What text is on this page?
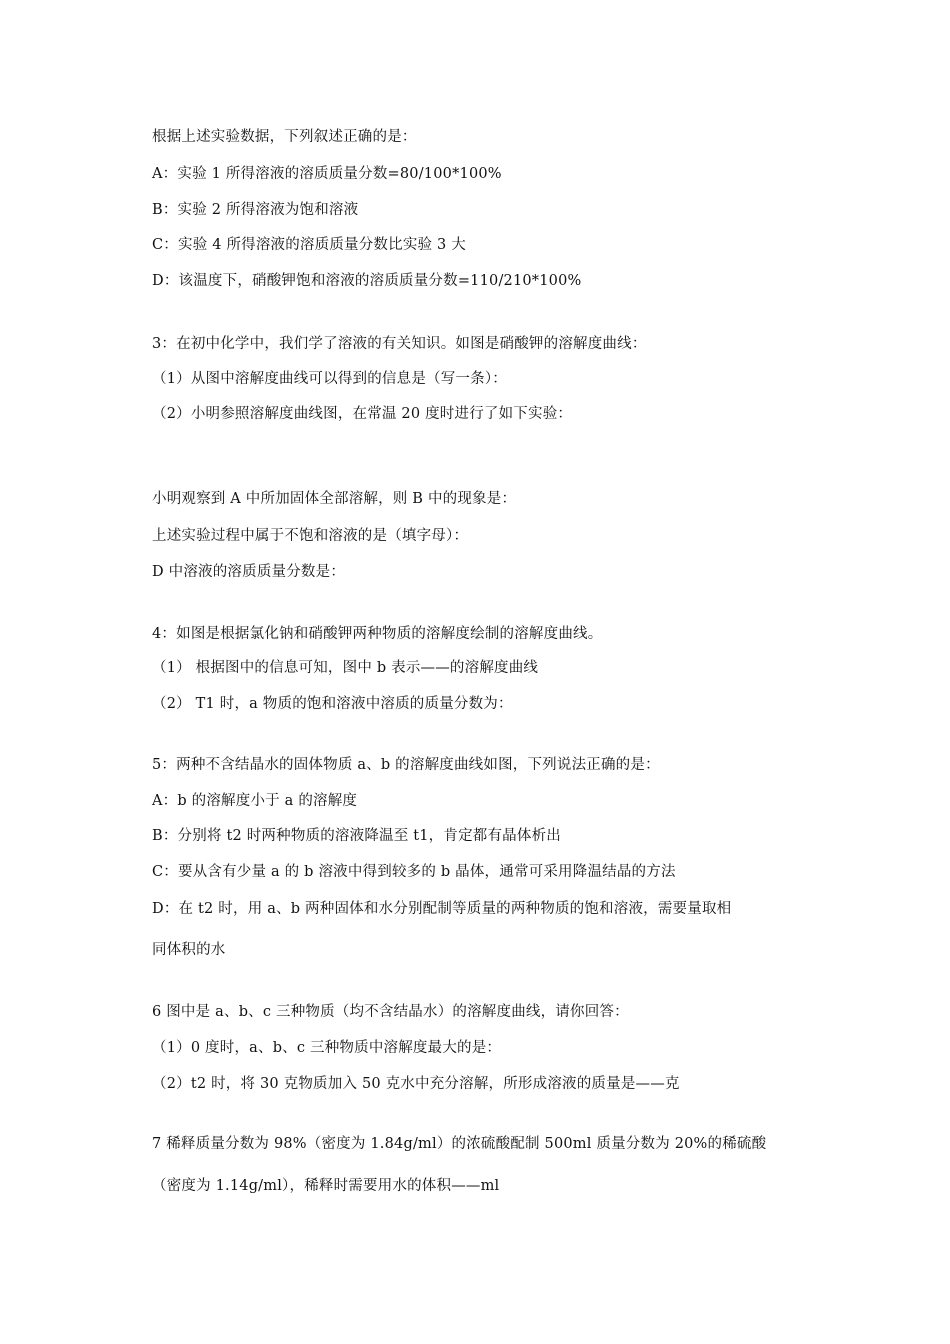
根据上述实验数据，下列叙述正确的是：
A：实验 1 所得溶液的溶质质量分数=80/100*100%
B：实验 2 所得溶液为饱和溶液
C：实验 4 所得溶液的溶质质量分数比实验 3 大
D：该温度下，硝酸钾饱和溶液的溶质质量分数=110/210*100%
3：在初中化学中，我们学了溶液的有关知识。如图是硝酸钾的溶解度曲线：
（1）从图中溶解度曲线可以得到的信息是（写一条）：
（2）小明参照溶解度曲线图，在常温 20 度时进行了如下实验：
小明观察到 A 中所加固体全部溶解，则 B 中的现象是：
上述实验过程中属于不饱和溶液的是（填字母）：
D 中溶液的溶质质量分数是：
4：如图是根据氯化钠和硝酸钾两种物质的溶解度绘制的溶解度曲线。
（1） 根据图中的信息可知，图中 b 表示——的溶解度曲线
（2） T1 时，a 物质的饱和溶液中溶质的质量分数为：
5：两种不含结晶水的固体物质 a、b 的溶解度曲线如图，下列说法正确的是：
A：b 的溶解度小于 a 的溶解度
B：分别将 t2 时两种物质的溶液降温至 t1，肯定都有晶体析出
C：要从含有少量 a 的 b 溶液中得到较多的 b 晶体，通常可采用降温结晶的方法
D：在 t2 时，用 a、b 两种固体和水分别配制等质量的两种物质的饱和溶液，需要量取相
同体积的水
6 图中是 a、b、c 三种物质（均不含结晶水）的溶解度曲线，请你回答：
（1）0 度时，a、b、c 三种物质中溶解度最大的是：
（2）t2 时，将 30 克物质加入 50 克水中充分溶解，所形成溶液的质量是——克
7 稀释质量分数为 98%（密度为 1.84g/ml）的浓硫酸配制 500ml 质量分数为 20%的稀硫酸
（密度为 1.14g/ml），稀释时需要用水的体积——ml
